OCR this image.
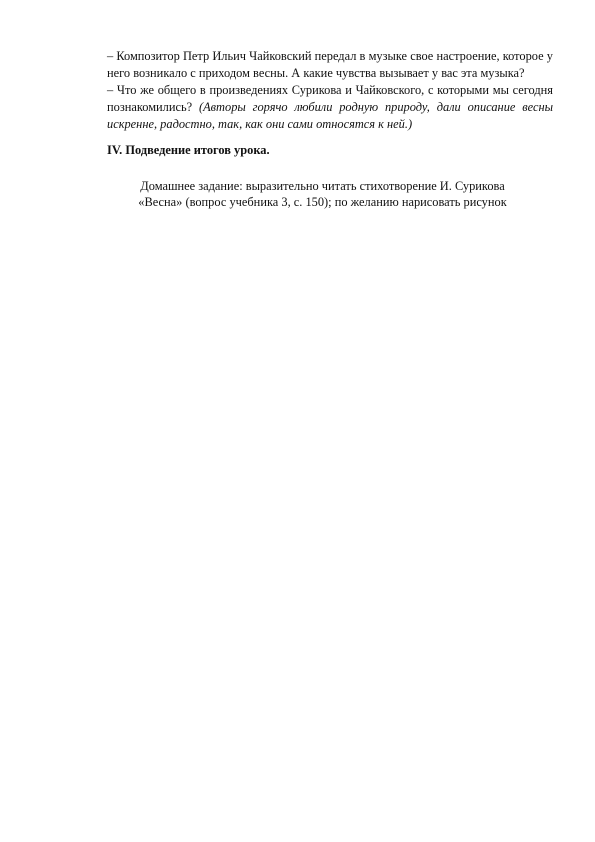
– Композитор Петр Ильич Чайковский передал в музыке свое настроение, которое у него возникало с приходом весны. А какие чувства вызывает у вас эта музыка?

– Что же общего в произведениях Сурикова и Чайковского, с которыми мы сегодня познакомились? (Авторы горячо любили родную природу, дали описание весны искренне, радостно, так, как они сами относятся к ней.)

IV. Подведение итогов урока.

Домашнее задание: выразительно читать стихотворение И. Сурикова
«Весна» (вопрос учебника 3, с. 150); по желанию нарисовать рисунок
